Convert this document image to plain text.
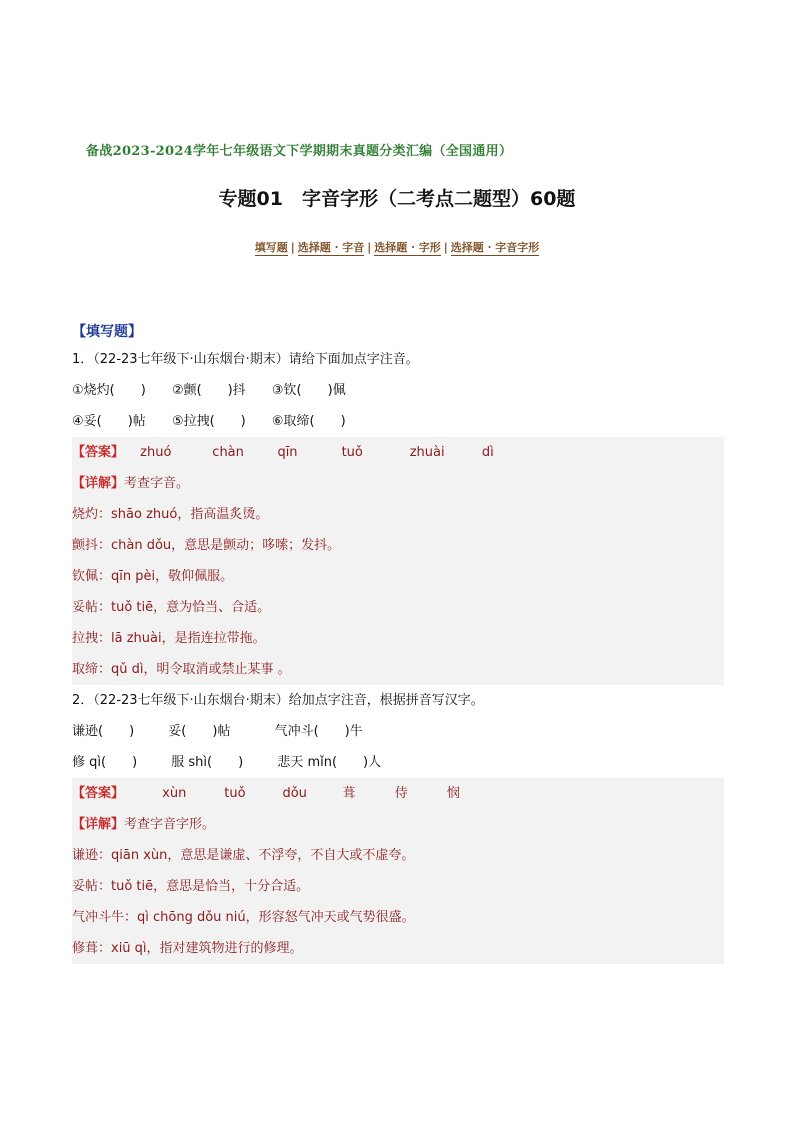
备战2023-2024学年七年级语文下学期期末真题分类汇编（全国通用）
专题01　字音字形（二考点二题型）60题
填写题 | 选择题 · 字音 | 选择题 · 字形 | 选择题 · 字音字形
【填写题】
1．（22-23七年级下·山东烟台·期末）请给下面加点字注音。
①烧灼(　　) ②颤(　　)抖 ③钦(　　)佩
④妥(　　)帖 ⑤拉拽(　　) ⑥取缔(　　)
【答案】 zhuó	chàn	qīn	tuǒ	zhuài	dì
【详解】考查字音。
烧灼：shāo zhuó，指高温炙烫。
颤抖：chàn dǒu，意思是颤动；哆嗦；发抖。
钦佩：qīn pèi，敬仰佩服。
妥帖：tuǒ tiē，意为恰当、合适。
拉拽：lā zhuài，是指连拉带拖。
取缔：qǔ dì，明令取消或禁止某事 。
2．（22-23七年级下·山东烟台·期末）给加点字注音，根据拼音写汉字。
谦逊(　　)	妥(　　)帖	气冲斗(　　)牛
修 qì(　　)	服 shì(　　)	悲天 mǐn(　　)人
【答案】	xùn	tuǒ	dǒu	葺	侍	悯
【详解】考查字音字形。
谦逊：qiān xùn，意思是谦虚、不浮夸，不自大或不虚夸。
妥帖：tuǒ tiē，意思是恰当，十分合适。
气冲斗牛：qì chōng dǒu niú，形容怒气冲天或气势很盛。
修葺：xiū qì，指对建筑物进行的修理。
